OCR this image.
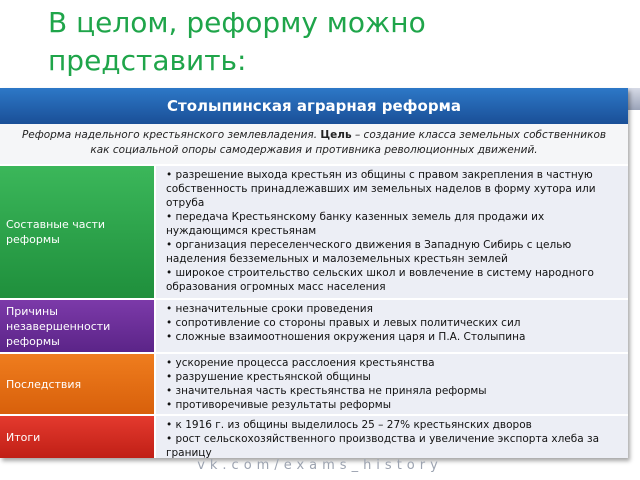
В целом, реформу можно представить:
Столыпинская аграрная реформа
Реформа надельного крестьянского землевладения. Цель – создание класса земельных собственников как социальной опоры самодержавия и противника революционных движений.
Составные части реформы
• разрешение выхода крестьян из общины с правом закрепления в частную собственность принадлежавших им земельных наделов в форму хутора или отруба
• передача Крестьянскому банку казенных земель для продажи их нуждающимся крестьянам
• организация переселенческого движения в Западную Сибирь с целью наделения безземельных и малоземельных крестьян землей
• широкое строительство сельских школ и вовлечение в систему народного образования огромных масс населения
Причины незавершенности реформы
• незначительные сроки проведения
• сопротивление со стороны правых и левых политических сил
• сложные взаимоотношения окружения царя и П.А. Столыпина
Последствия
• ускорение процесса расслоения крестьянства
• разрушение крестьянской общины
• значительная часть крестьянства не приняла реформы
• противоречивые результаты реформы
Итоги
• к 1916 г. из общины выделилось 25 – 27% крестьянских дворов
• рост сельскохозяйственного производства и увеличение экспорта хлеба за границу
vk.com/exams_history
